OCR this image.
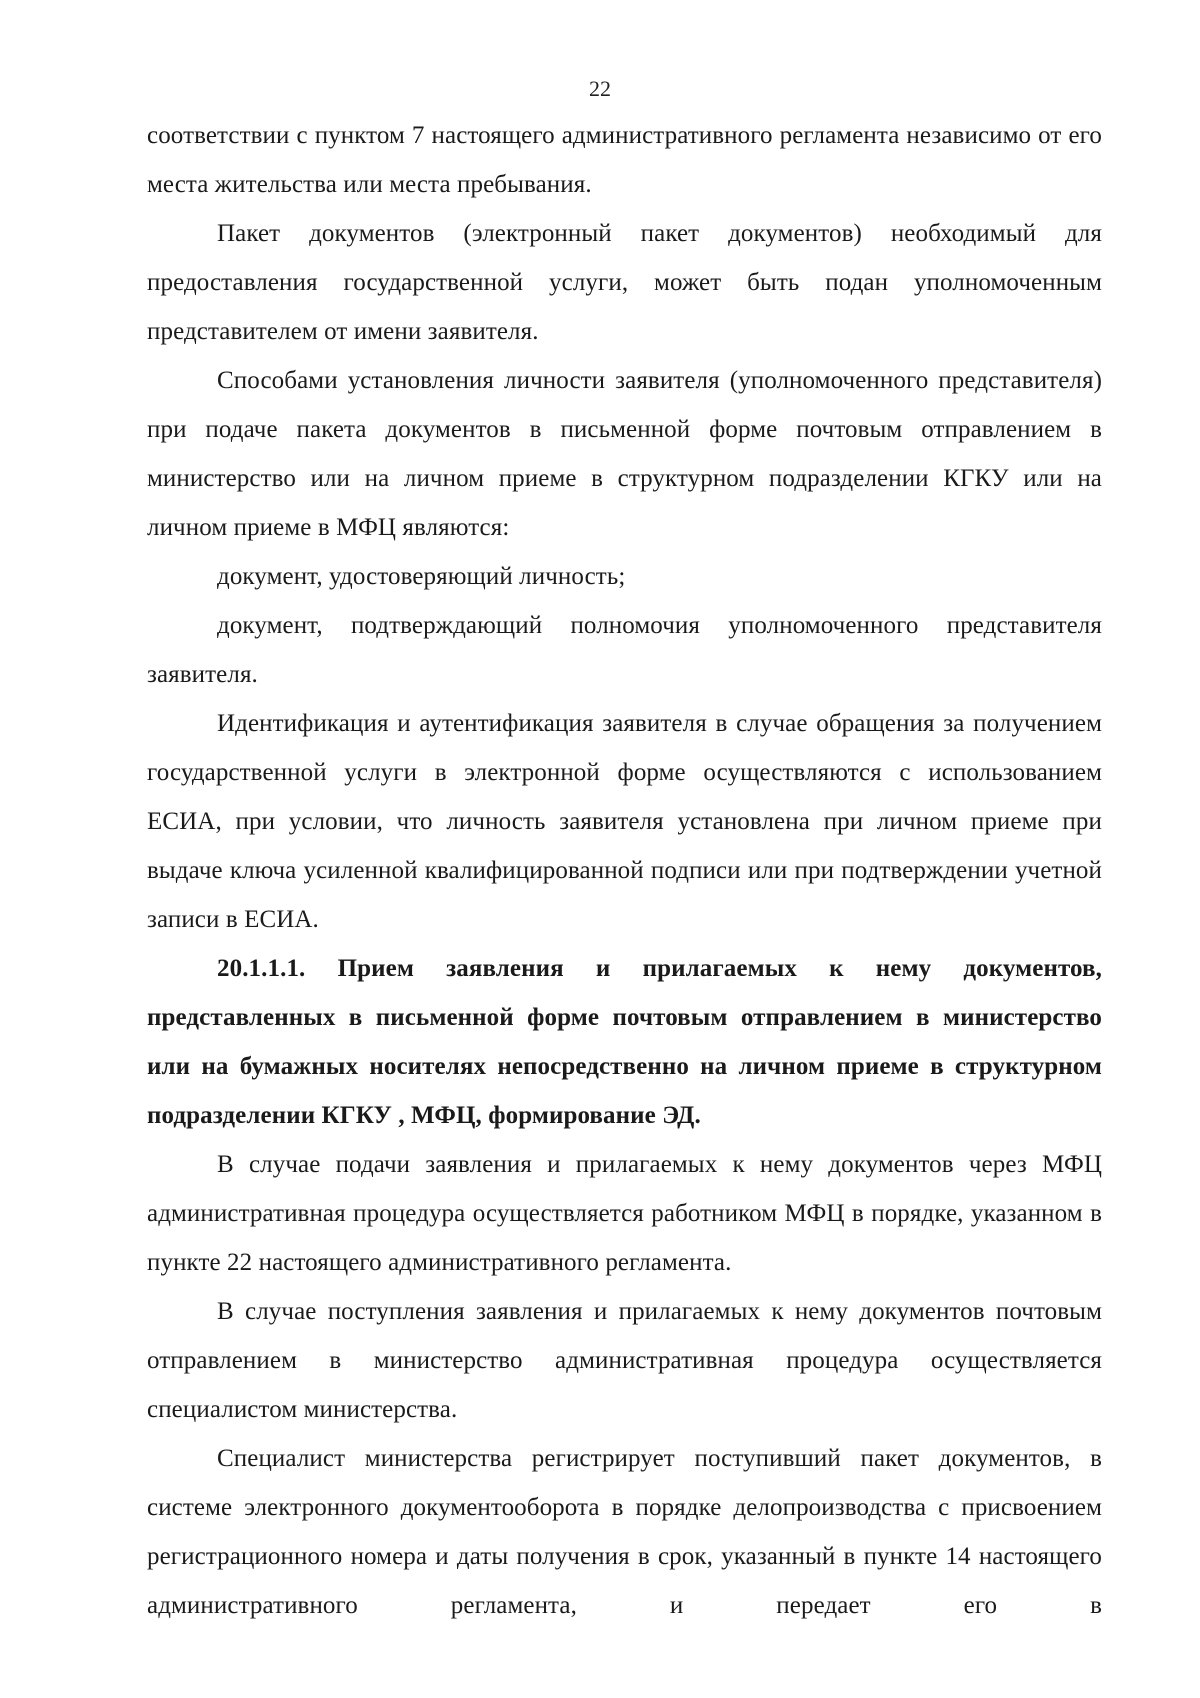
22

соответствии с пунктом 7 настоящего административного регламента независимо от его места жительства или места пребывания.

Пакет документов (электронный пакет документов) необходимый для предоставления государственной услуги, может быть подан уполномоченным представителем от имени заявителя.

Способами установления личности заявителя (уполномоченного представителя) при подаче пакета документов в письменной форме почтовым отправлением в министерство или на личном приеме в структурном подразделении КГКУ или на личном приеме в МФЦ являются:

документ, удостоверяющий личность;

документ, подтверждающий полномочия уполномоченного представителя заявителя.

Идентификация и аутентификация заявителя в случае обращения за получением государственной услуги в электронной форме осуществляются с использованием ЕСИА, при условии, что личность заявителя установлена при личном приеме при выдаче ключа усиленной квалифицированной подписи или при подтверждении учетной записи в ЕСИА.

20.1.1.1. Прием заявления и прилагаемых к нему документов, представленных в письменной форме почтовым отправлением в министерство или на бумажных носителях непосредственно на личном приеме в структурном подразделении КГКУ , МФЦ, формирование ЭД.

В случае подачи заявления и прилагаемых к нему документов через МФЦ административная процедура осуществляется работником МФЦ в порядке, указанном в пункте 22 настоящего административного регламента.

В случае поступления заявления и прилагаемых к нему документов почтовым отправлением в министерство административная процедура осуществляется специалистом министерства.

Специалист министерства регистрирует поступивший пакет документов, в системе электронного документооборота в порядке делопроизводства с присвоением регистрационного номера и даты получения в срок, указанный в пункте 14 настоящего административного регламента, и передает его в
